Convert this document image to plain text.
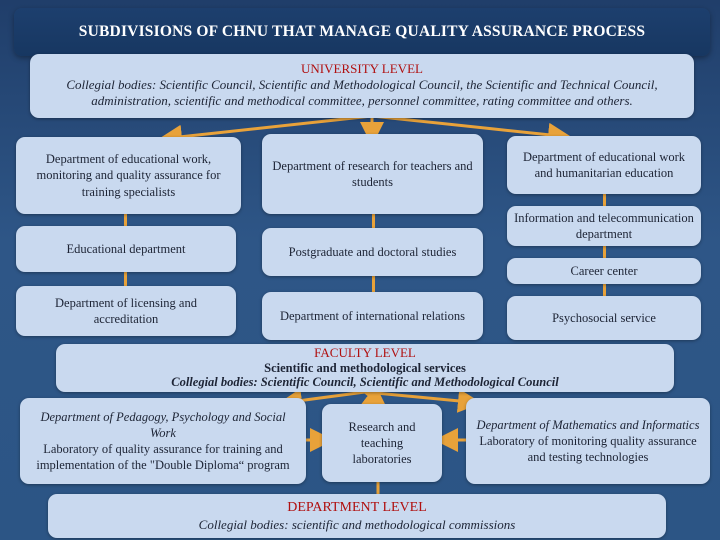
SUBDIVISIONS OF CHNU THAT MANAGE QUALITY ASSURANCE PROCESS
UNIVERSITY LEVEL
Collegial bodies: Scientific Council, Scientific and Methodological Council, the Scientific and Technical Council, administration, scientific and methodical committee, personnel committee, rating committee and others.
Department of educational work, monitoring and quality assurance for training specialists
Educational department
Department of licensing and accreditation
Department of research for teachers and students
Postgraduate and doctoral studies
Department of international relations
Department of educational work and humanitarian education
Information and telecommunication department
Career center
Psychosocial service
FACULTY LEVEL
Scientific and methodological services
Collegial bodies: Scientific Council, Scientific and Methodological Council
Department of Pedagogy, Psychology and Social Work
Laboratory of quality assurance for training and implementation of the "Double Diploma“ program
Research and teaching laboratories
Department of Mathematics and Informatics
Laboratory of monitoring quality assurance and testing technologies
DEPARTMENT LEVEL
Collegial bodies: scientific and methodological commissions
